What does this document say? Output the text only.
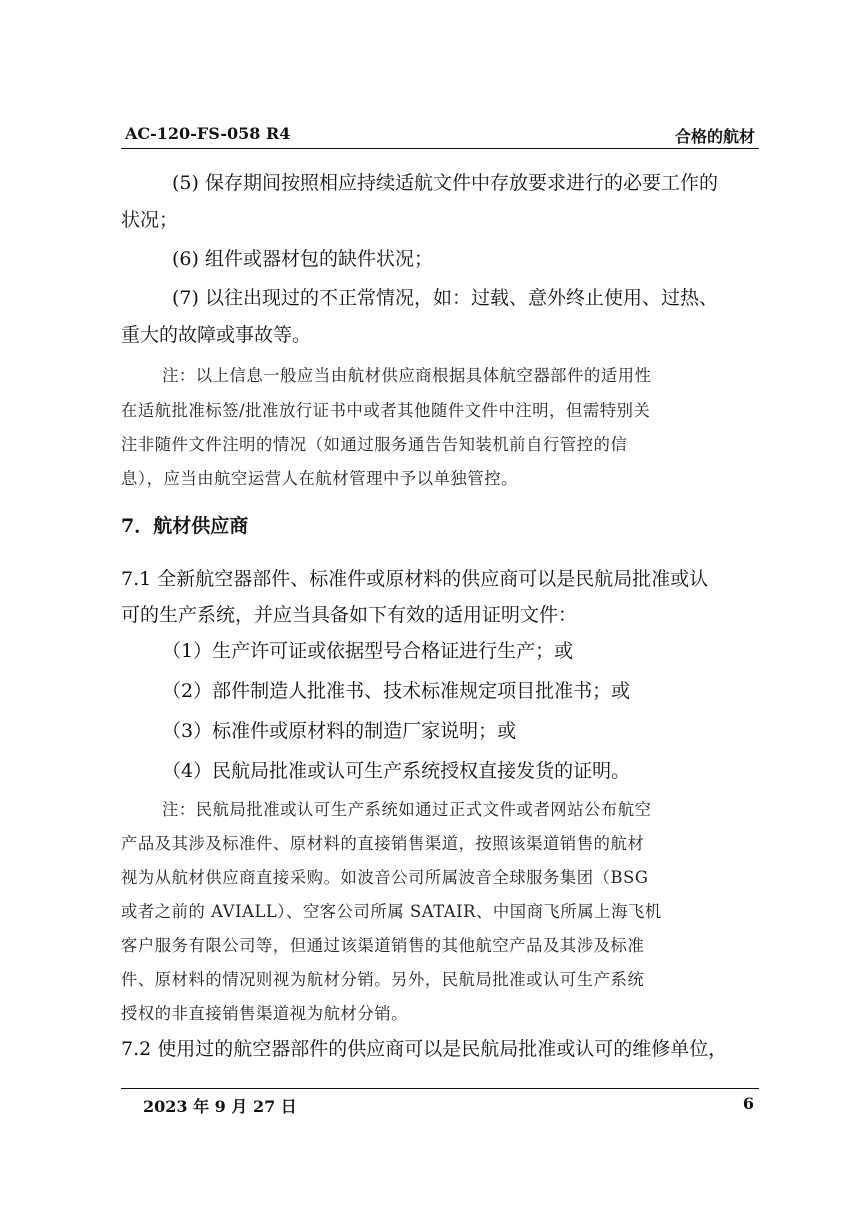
AC-120-FS-058 R4	合格的航材
(5) 保存期间按照相应持续适航文件中存放要求进行的必要工作的
状况；
(6) 组件或器材包的缺件状况；
(7) 以往出现过的不正常情况，如：过载、意外终止使用、过热、
重大的故障或事故等。
注：以上信息一般应当由航材供应商根据具体航空器部件的适用性
在适航批准标签/批准放行证书中或者其他随件文件中注明，但需特别关
注非随件文件注明的情况（如通过服务通告告知装机前自行管控的信
息），应当由航空运营人在航材管理中予以单独管控。
7．航材供应商
7.1 全新航空器部件、标准件或原材料的供应商可以是民航局批准或认
可的生产系统，并应当具备如下有效的适用证明文件：
（1）生产许可证或依据型号合格证进行生产；或
（2）部件制造人批准书、技术标准规定项目批准书；或
（3）标准件或原材料的制造厂家说明；或
（4）民航局批准或认可生产系统授权直接发货的证明。
注：民航局批准或认可生产系统如通过正式文件或者网站公布航空
产品及其涉及标准件、原材料的直接销售渠道，按照该渠道销售的航材
视为从航材供应商直接采购。如波音公司所属波音全球服务集团（BSG
或者之前的 AVIALL）、空客公司所属 SATAIR、中国商飞所属上海飞机
客户服务有限公司等，但通过该渠道销售的其他航空产品及其涉及标准
件、原材料的情况则视为航材分销。另外，民航局批准或认可生产系统
授权的非直接销售渠道视为航材分销。
7.2 使用过的航空器部件的供应商可以是民航局批准或认可的维修单位，
2023 年 9 月 27 日	6
